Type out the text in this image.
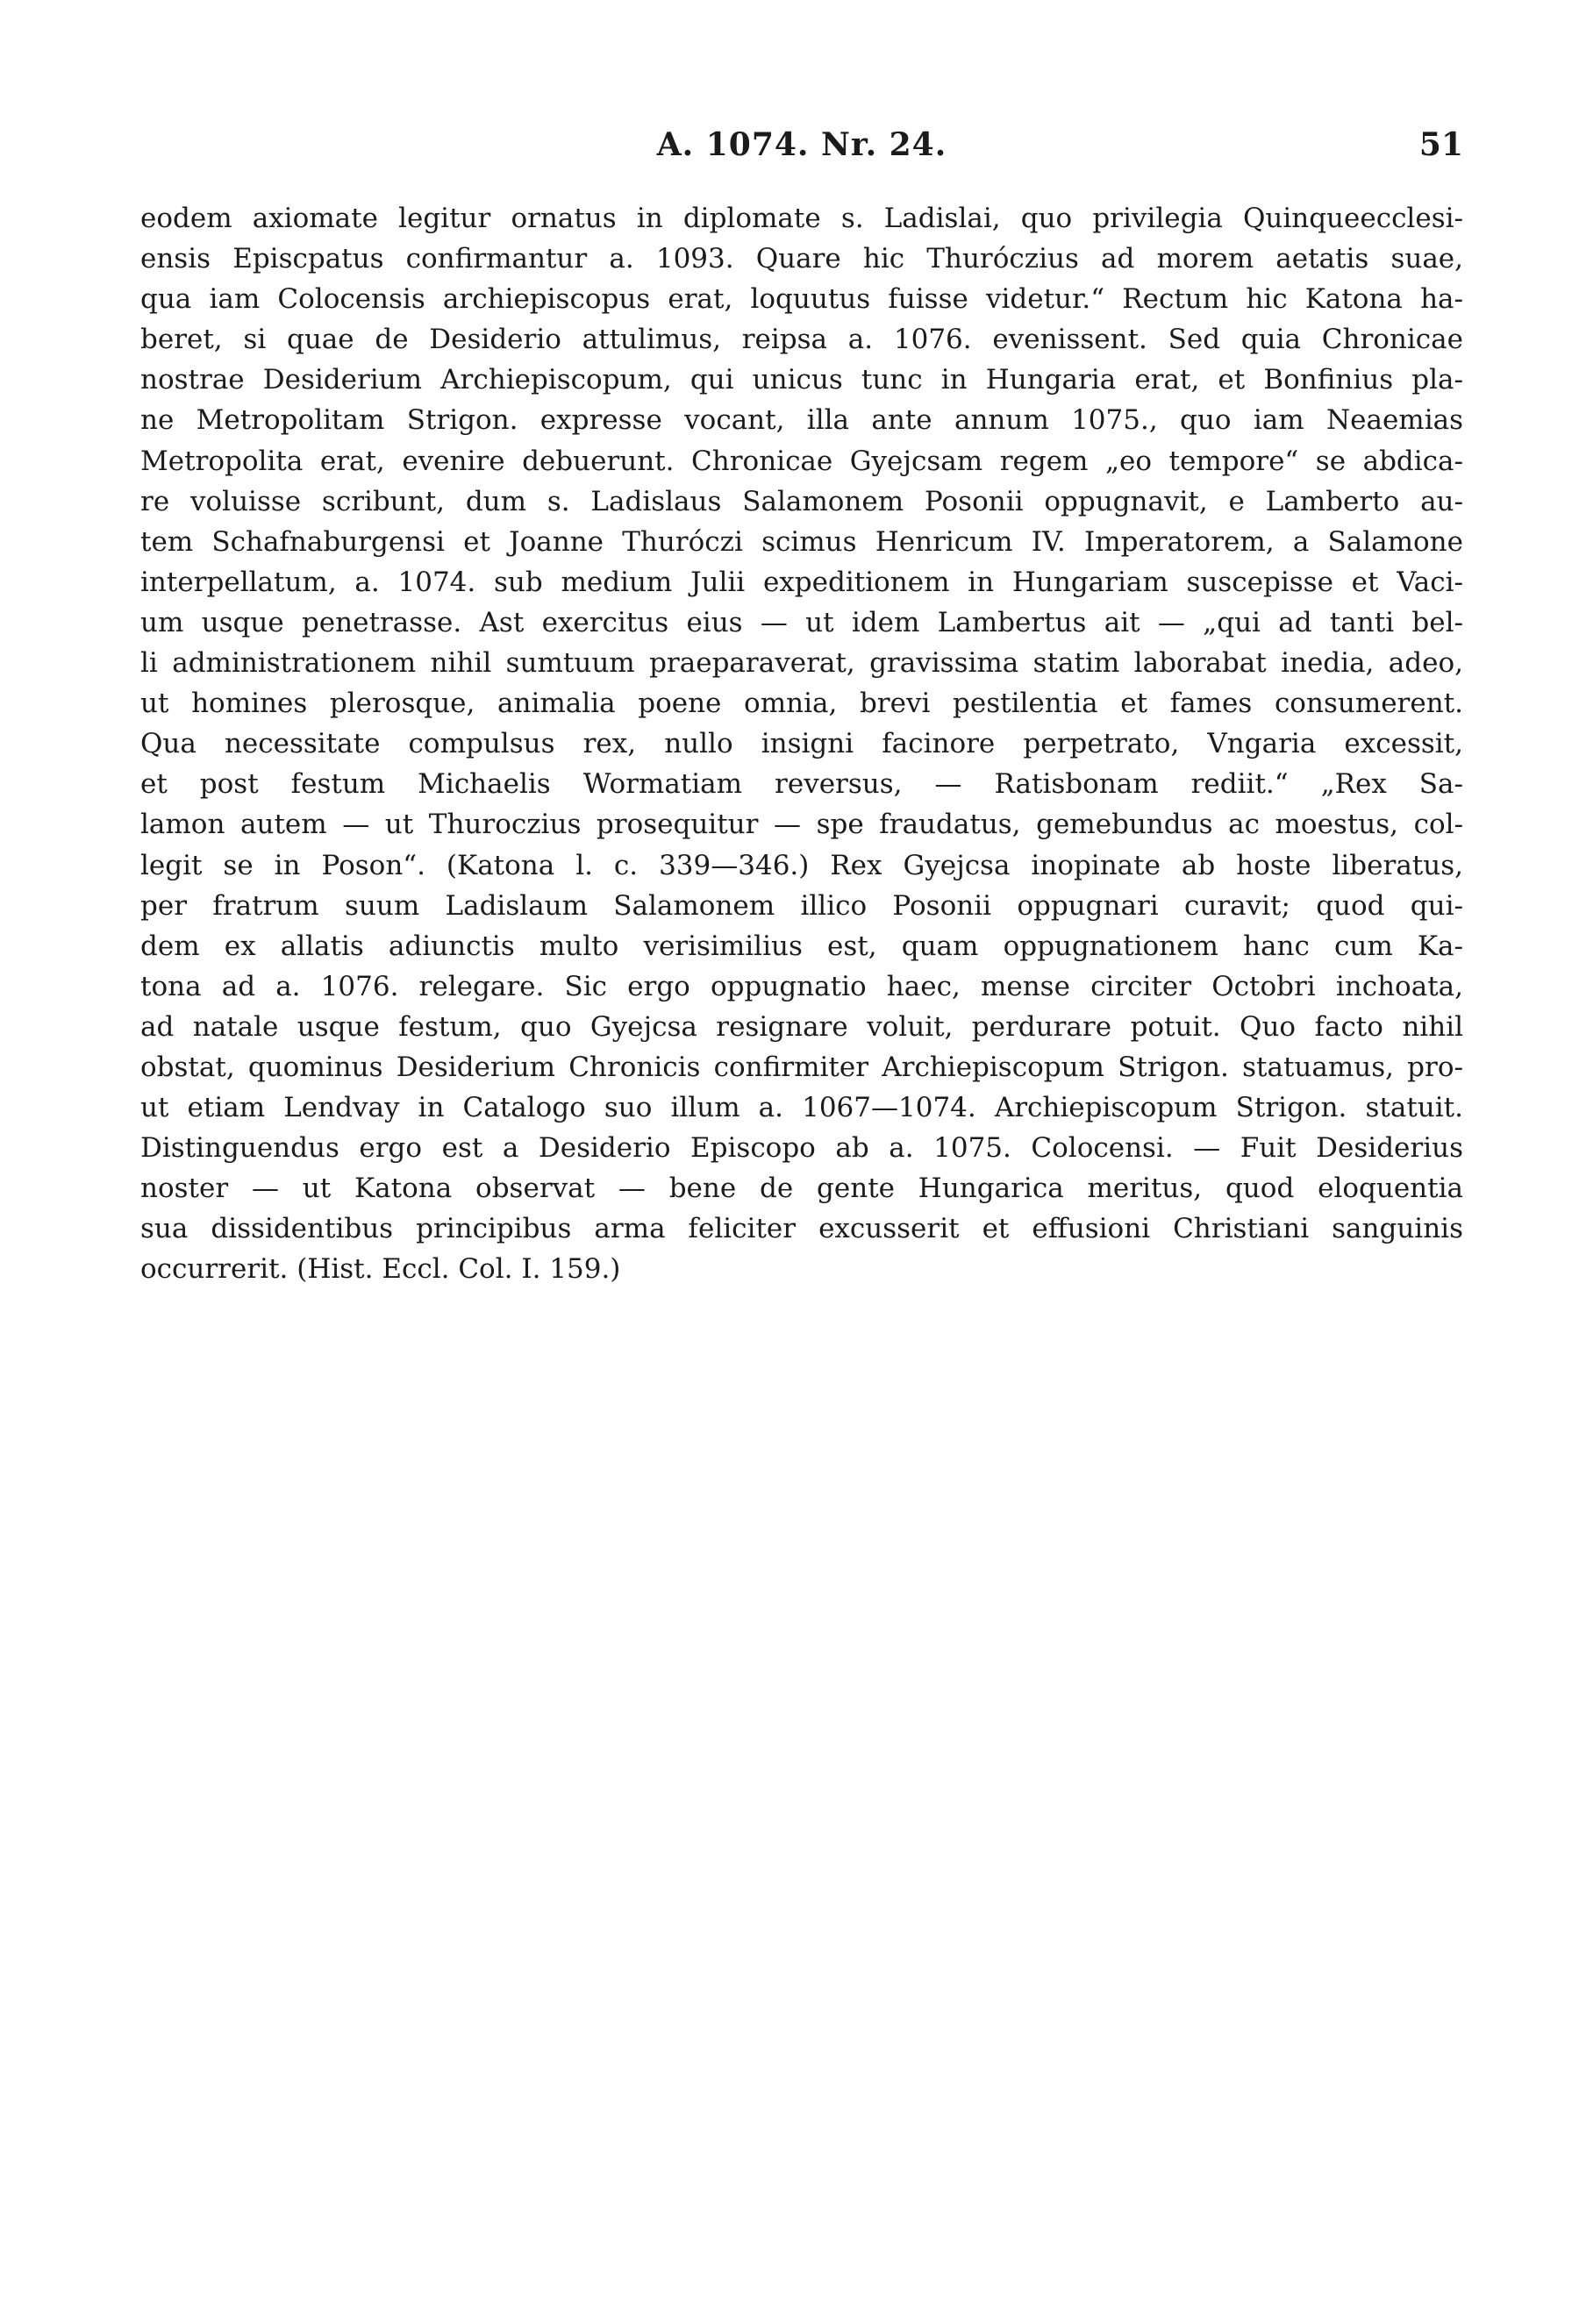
A. 1074. Nr. 24.	51
eodem axiomate legitur ornatus in diplomate s. Ladislai, quo privilegia Quinqueecclesi-
ensis Episcpatus confirmantur a. 1093. Quare hic Thuróczius ad morem aetatis suae,
qua iam Colocensis archiepiscopus erat, loquutus fuisse videtur.“ Rectum hic Katona ha-
beret, si quae de Desiderio attulimus, reipsa a. 1076. evenissent. Sed quia Chronicae
nostrae Desiderium Archiepiscopum, qui unicus tunc in Hungaria erat, et Bonfinius pla-
ne Metropolitam Strigon. expresse vocant, illa ante annum 1075., quo iam Neaemias
Metropolita erat, evenire debuerunt. Chronicae Gyejcsam regem „eo tempore“ se abdica-
re voluisse scribunt, dum s. Ladislaus Salamonem Posonii oppugnavit, e Lamberto au-
tem Schafnaburgensi et Joanne Thuróczi scimus Henricum IV. Imperatorem, a Salamone
interpellatum, a. 1074. sub medium Julii expeditionem in Hungariam suscepisse et Vaci-
um usque penetrasse. Ast exercitus eius — ut idem Lambertus ait — „qui ad tanti bel-
li administrationem nihil sumtuum praeparaverat, gravissima statim laborabat inedia, adeo,
ut homines plerosque, animalia poene omnia, brevi pestilentia et fames consumerent.
Qua necessitate compulsus rex, nullo insigni facinore perpetrato, Vngaria excessit,
et post festum Michaelis Wormatiam reversus, — Ratisbonam rediit.“ „Rex Sa-
lamon autem — ut Thuroczius prosequitur — spe fraudatus, gemebundus ac moestus, col-
legit se in Poson“. (Katona l. c. 339—346.) Rex Gyejcsa inopinate ab hoste liberatus,
per fratrum suum Ladislaum Salamonem illico Posonii oppugnari curavit; quod qui-
dem ex allatis adiunctis multo verisimilius est, quam oppugnationem hanc cum Ka-
tona ad a. 1076. relegare. Sic ergo oppugnatio haec, mense circiter Octobri inchoata,
ad natale usque festum, quo Gyejcsa resignare voluit, perdurare potuit. Quo facto nihil
obstat, quominus Desiderium Chronicis confirmiter Archiepiscopum Strigon. statuamus, pro-
ut etiam Lendvay in Catalogo suo illum a. 1067—1074. Archiepiscopum Strigon. statuit.
Distinguendus ergo est a Desiderio Episcopo ab a. 1075. Colocensi. — Fuit Desiderius
noster — ut Katona observat — bene de gente Hungarica meritus, quod eloquentia
sua dissidentibus principibus arma feliciter excusserit et effusioni Christiani sanguinis
occurrerit. (Hist. Eccl. Col. I. 159.)
